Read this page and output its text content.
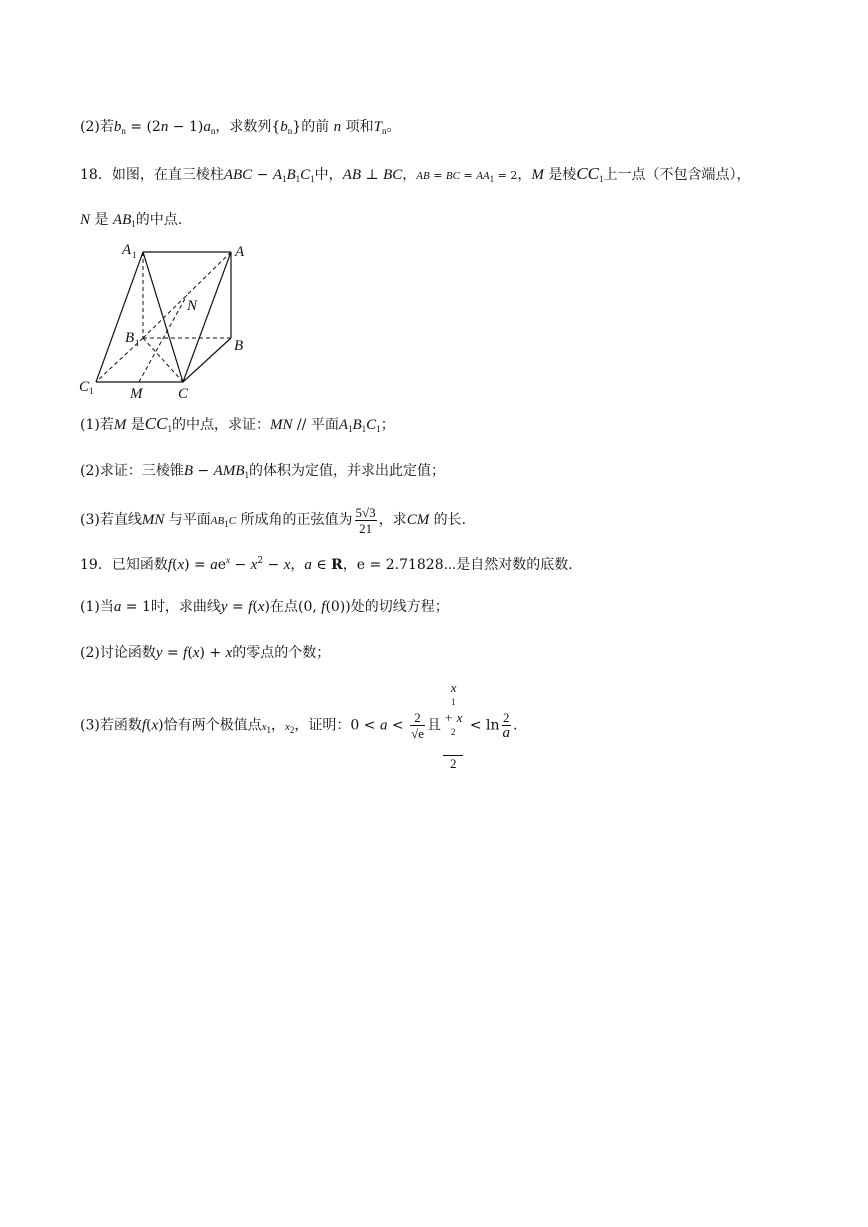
(2)若$b_n = (2n - 1)a_n$，求数列$\{b_n\}$的前 n 项和$T_n$。
18．如图，在直三棱柱ABC − $A_1B_1C_1$中，AB ⊥ BC，AB = BC = $AA_1 = 2$，M 是棱$CC_1$上一点（不包含端点），
N 是 $AB_1$的中点.
A 1	A
N
B 1	B
C 1 M C
(1)若M 是$CC_1$的中点，求证：MN // 平面$A_1B_1C_1$；
(2)求证：三棱锥$B - AMB_1$的体积为定值，并求出此定值；
(3)若直线MN 与平面$AB_1C$ 所成角的正弦值为 $\frac{5√3}{21}$ ，求CM 的长.
19．已知函数$f(x) = ae^x - x^2 - x$，a ∈ R，e = 2.71828⋯是自然对数的底数.
(1)当a = 1时，求曲线y = f(x)在点(0, f(0))处的切线方程；
(2)讨论函数y = f(x) + x的零点的个数；
(3)若函数f(x)恰有两个极值点$x_1$，$x_2$，证明：$0 < a < \frac{2}{√e}$ 且 x
1
+ x
2
$2 < \ln \frac{2}{a}$ .
